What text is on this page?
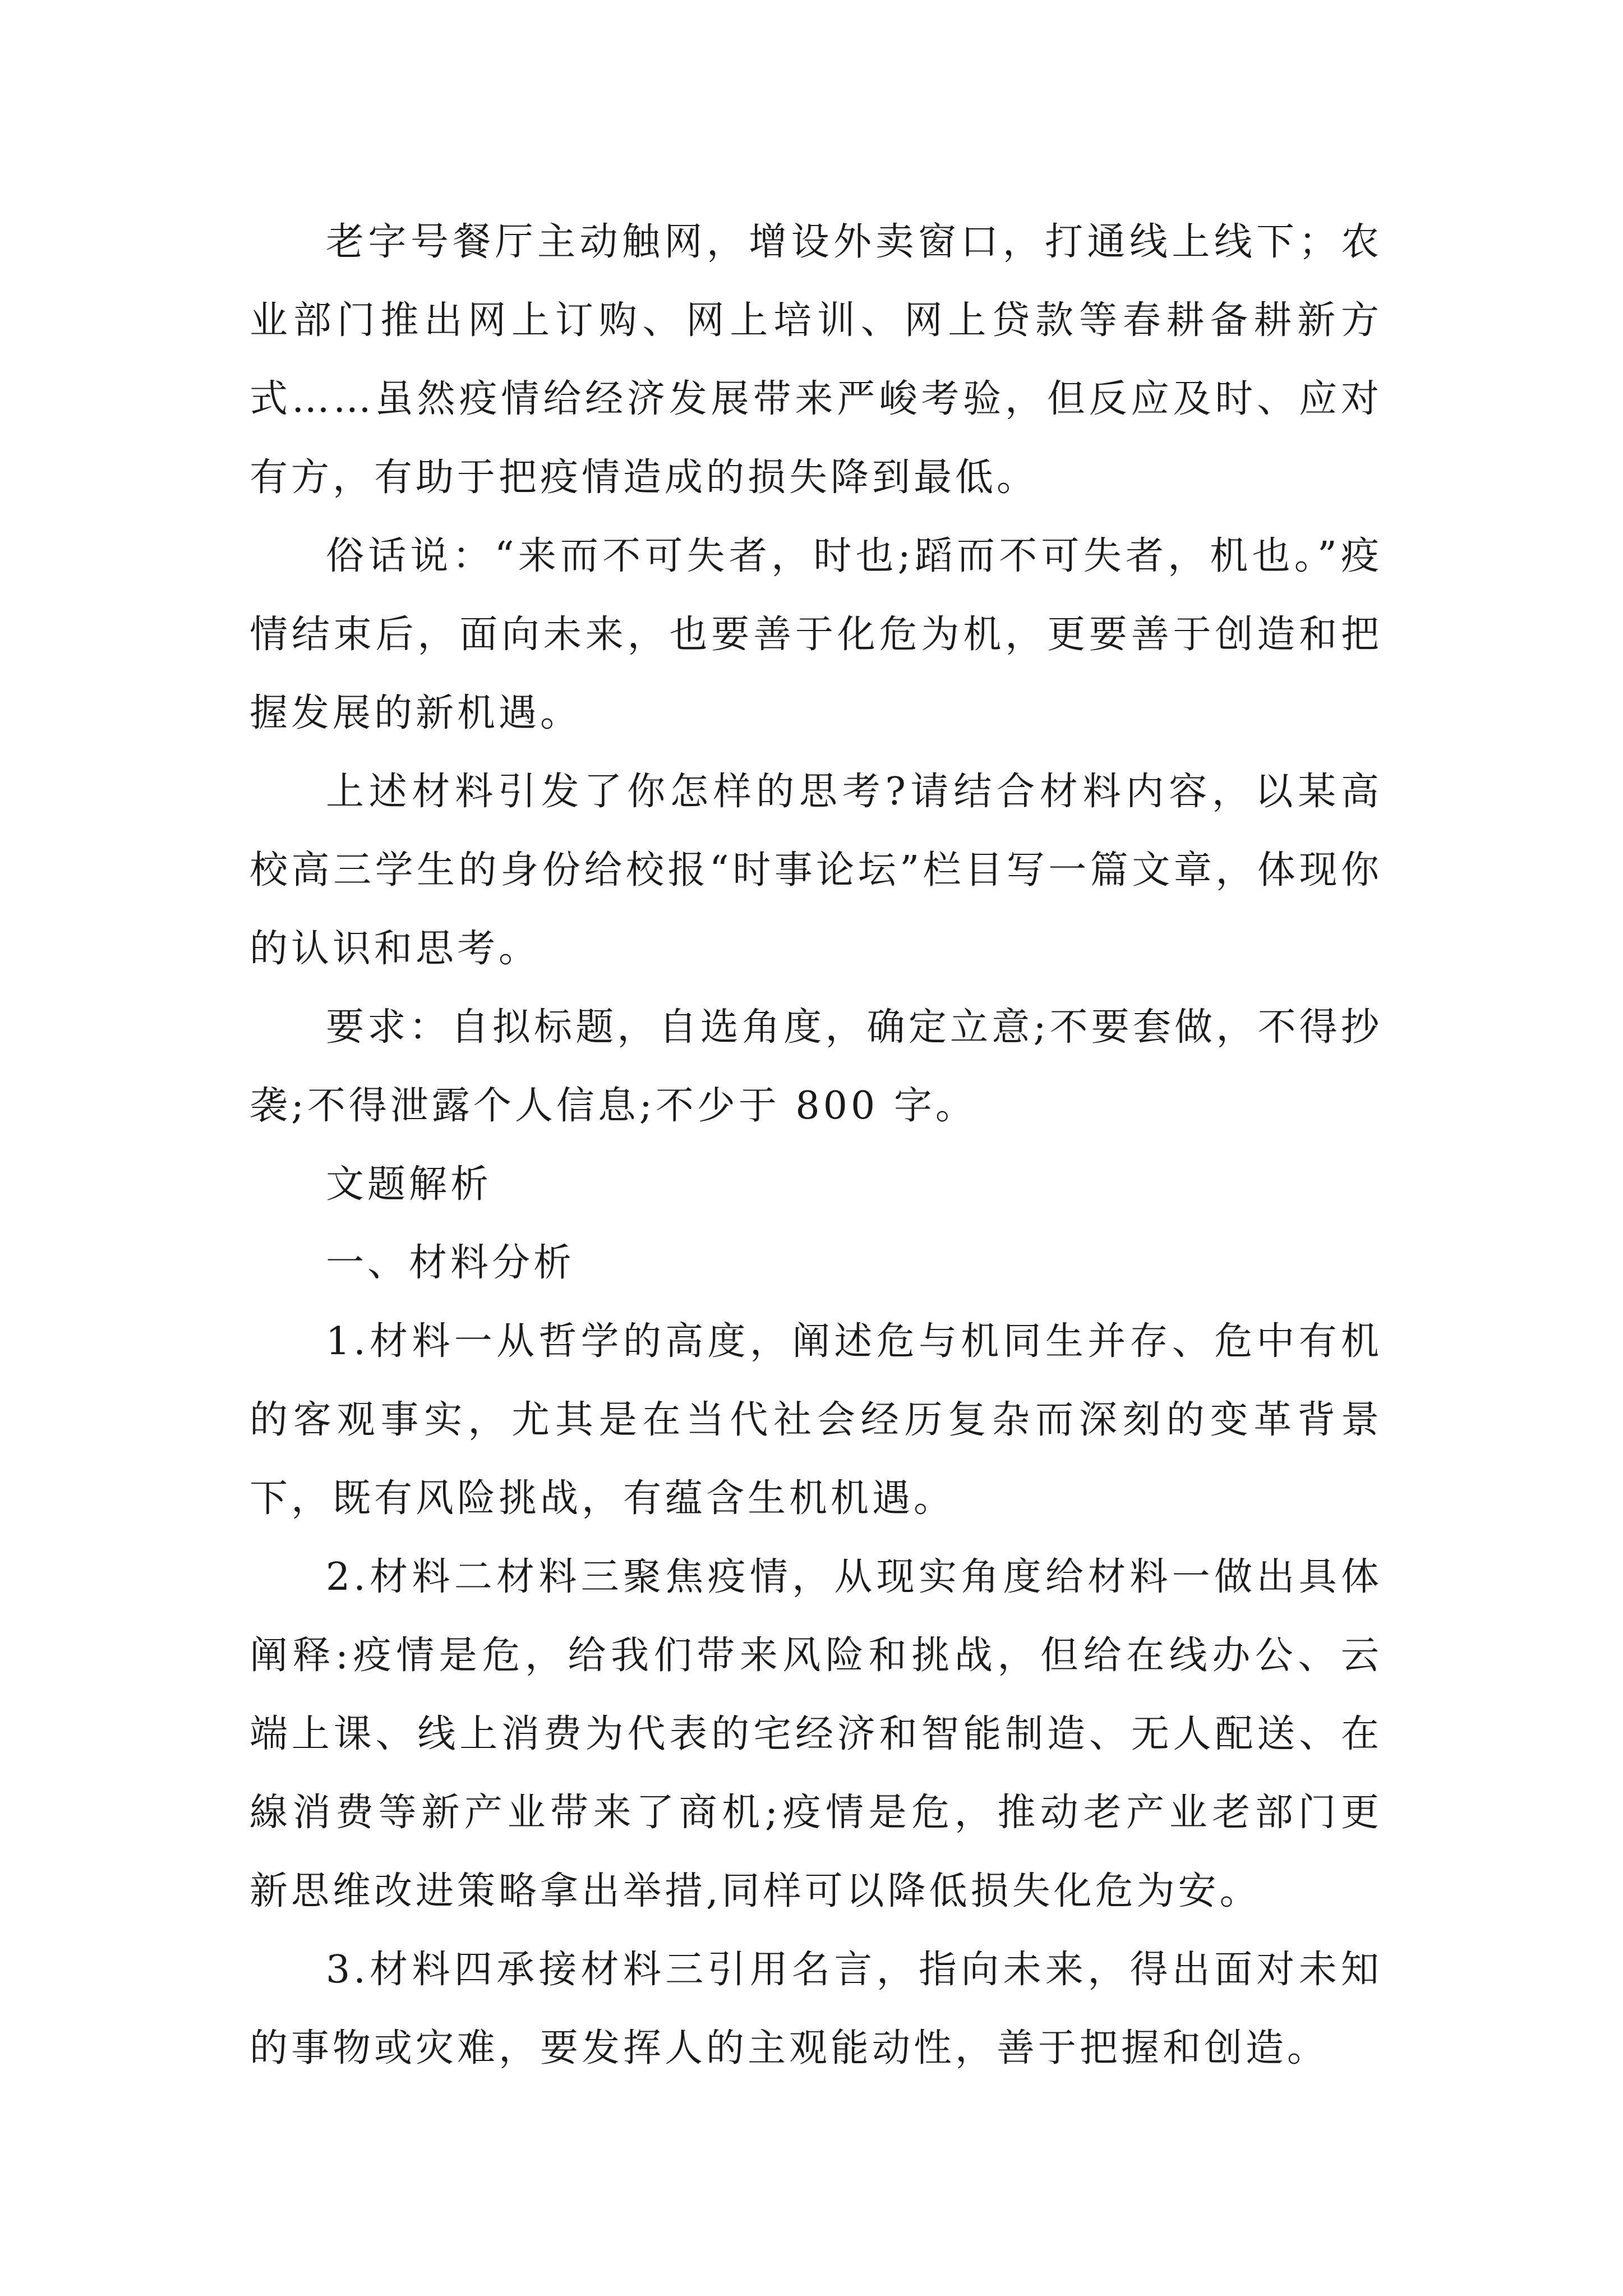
老字号餐厅主动触网，增设外卖窗口，打通线上线下；农业部门推出网上订购、网上培训、网上贷款等春耕备耕新方式……虽然疫情给经济发展带来严峻考验，但反应及时、应对有方，有助于把疫情造成的损失降到最低。

俗话说：“来而不可失者，时也;蹈而不可失者，机也。”疫情结束后，面向未来，也要善于化危为机，更要善于创造和把握发展的新机遇。

上述材料引发了你怎样的思考?请结合材料内容，以某高校高三学生的身份给校报“时事论坛”栏目写一篇文章，体现你的认识和思考。

要求：自拟标题，自选角度，确定立意;不要套做，不得抄袭;不得泄露个人信息;不少于 800 字。

文题解析

一、材料分析

1.材料一从哲学的高度，阐述危与机同生并存、危中有机的客观事实，尤其是在当代社会经历复杂而深刻的变革背景下，既有风险挑战，有蕴含生机机遇。

2.材料二材料三聚焦疫情，从现实角度给材料一做出具体阐释:疫情是危，给我们带来风险和挑战，但给在线办公、云端上课、线上消费为代表的宅经济和智能制造、无人配送、在線消费等新产业带来了商机;疫情是危，推动老产业老部门更新思维改进策略拿出举措,同样可以降低损失化危为安。

3.材料四承接材料三引用名言，指向未来，得出面对未知的事物或灾难，要发挥人的主观能动性，善于把握和创造。
